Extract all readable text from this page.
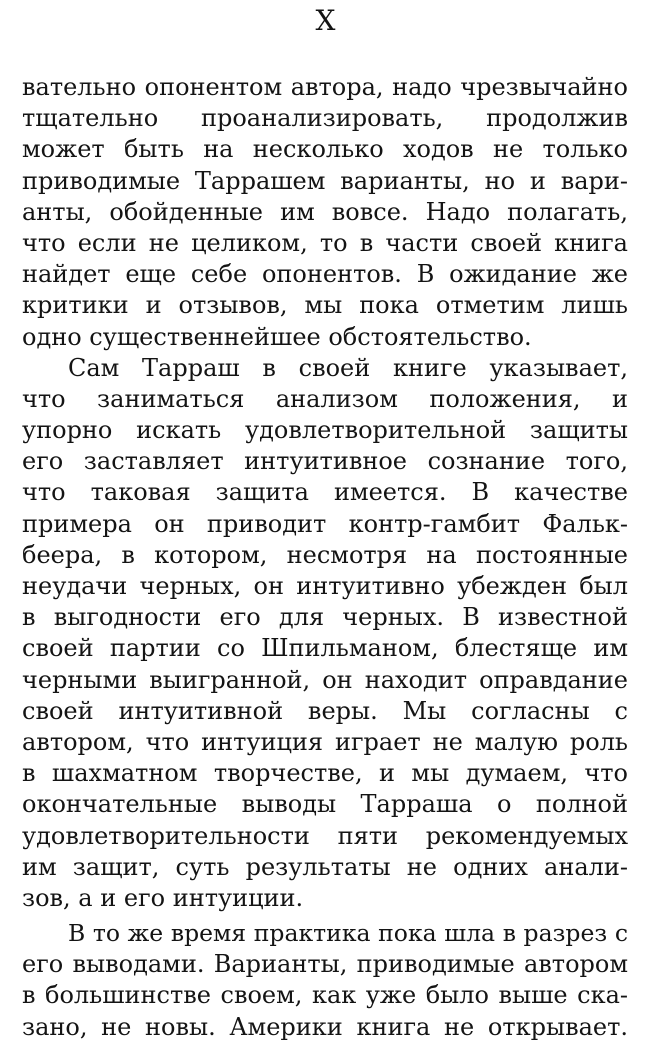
X
вательно опонентом автора, надо чрезвычайно
тщательно проанализировать, продолжив
может быть на несколько ходов не только
приводимые Таррашем варианты, но и вари-
анты, обойденные им вовсе. Надо полагать,
что если не целиком, то в части своей книга
найдет еще себе опонентов. В ожидание же
критики и отзывов, мы пока отметим лишь
одно существеннейшее обстоятельство.
Сам Тарраш в своей книге указывает,
что заниматься анализом положения, и
упорно искать удовлетворительной защиты
его заставляет интуитивное сознание того,
что таковая защита имеется. В качестве
примера он приводит контр-гамбит Фальк-
беера, в котором, несмотря на постоянные
неудачи черных, он интуитивно убежден был
в выгодности его для черных. В известной
своей партии со Шпильманом, блестяще им
черными выигранной, он находит оправдание
своей интуитивной веры. Мы согласны с
автором, что интуиция играет не малую роль
в шахматном творчестве, и мы думаем, что
окончательные выводы Тарраша о полной
удовлетворительности пяти рекомендуемых
им защит, суть результаты не одних анали-
зов, а и его интуиции.
В то же время практика пока шла в разрез с
его выводами. Варианты, приводимые автором
в большинстве своем, как уже было выше ска-
зано, не новы. Америки книга не открывает.
